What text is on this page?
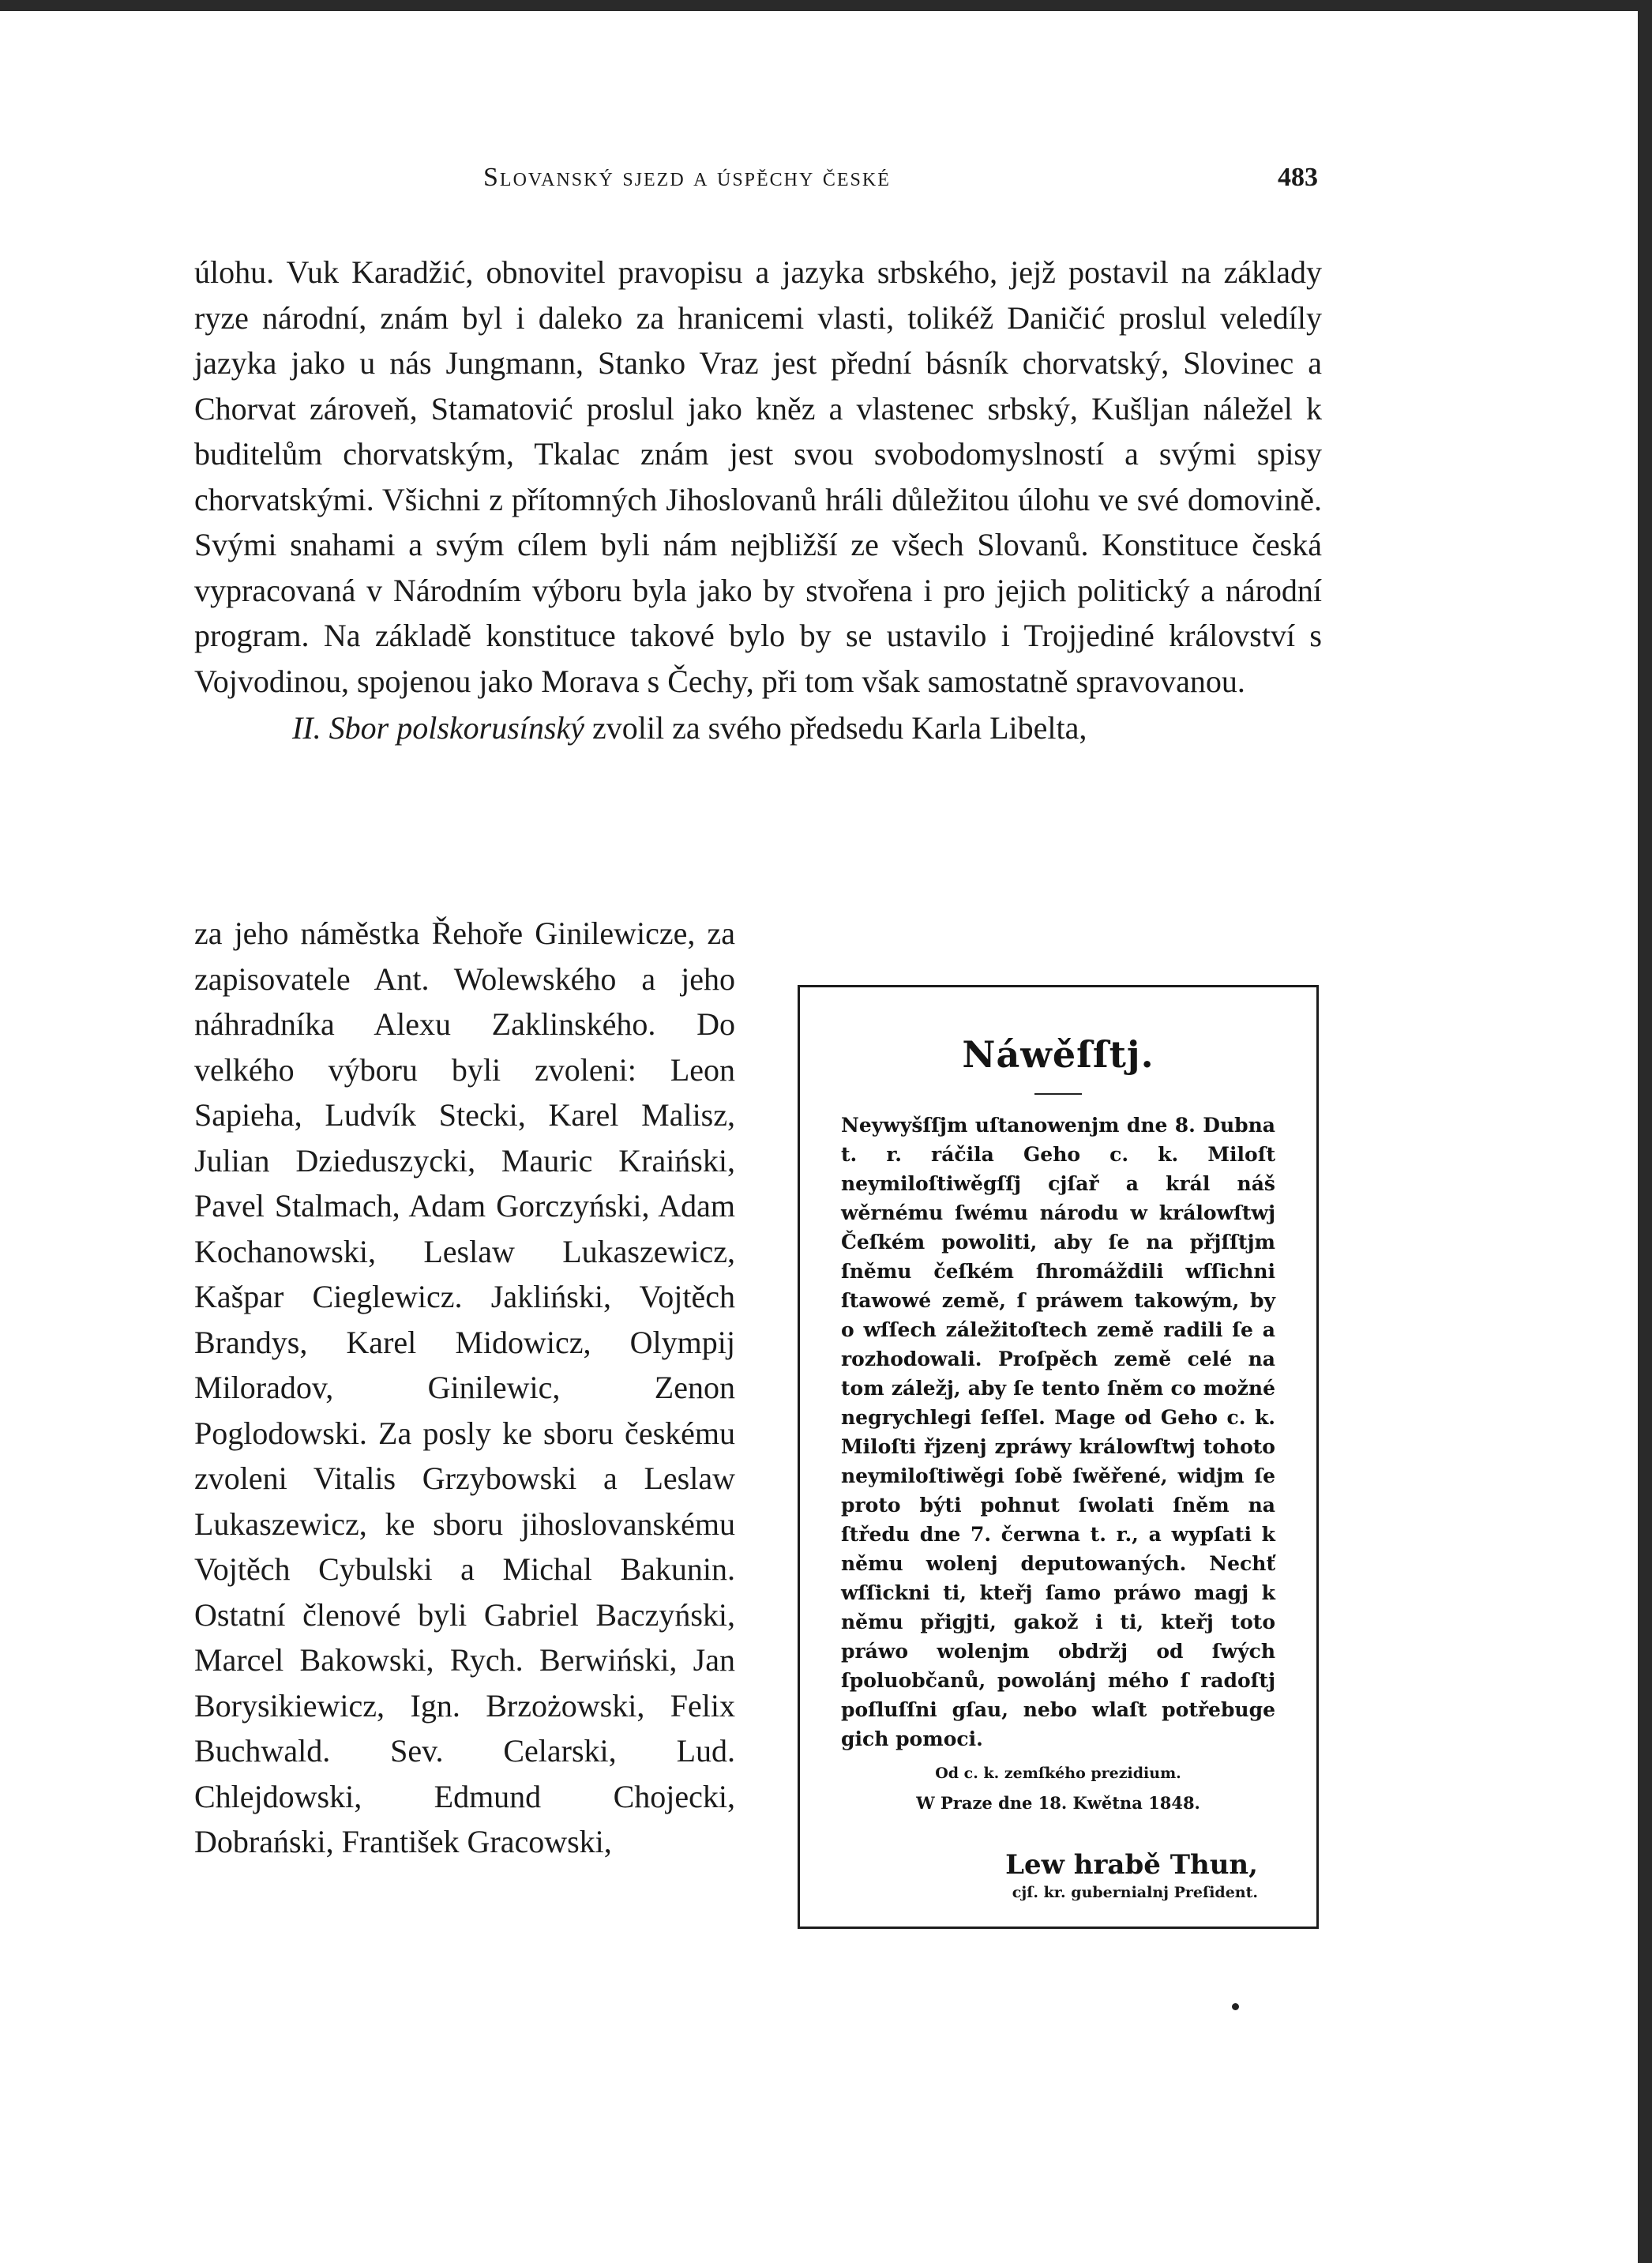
Slovanský sjezd a úspěchy české	483

úlohu. Vuk Karadžić, obnovitel pravopisu a jazyka srbského, jejž postavil na základy ryze národní, znám byl i daleko za hranicemi vlasti, tolikéž Daničić proslul veledíly jazyka jako u nás Jungmann, Stanko Vraz jest přední básník chorvatský, Slovinec a Chorvat zároveň, Stamatović proslul jako kněz a vlastenec srbský, Kušljan náležel k buditelům chorvatským, Tkalac znám jest svou svobodomyslností a svými spisy chorvatskými. Všichni z přítomných Jihoslovanů hráli důležitou úlohu ve své domovině. Svými snahami a svým cílem byli nám nejbližší ze všech Slovanů. Konstituce česká vypracovaná v Národním výboru byla jako by stvořena i pro jejich politický a národní program. Na základě konstituce takové bylo by se ustavilo i Trojjediné království s Vojvodinou, spojenou jako Morava s Čechy, při tom však samostatně spravovanou.

II. Sbor polskorusínský zvolil za svého předsedu Karla Libelta,

za jeho náměstka Řehoře Ginilewicze, za zapisovatele Ant. Wolewského a jeho náhradníka Alexu Zaklinského. Do velkého výboru byli zvoleni: Leon Sapieha, Ludvík Stecki, Karel Malisz, Julian Dzieduszycki, Mauric Kraiński, Pavel Stalmach, Adam Gorczyński, Adam Kochanowski, Leslaw Lukaszewicz, Kašpar Cieglewicz. Jakliński, Vojtěch Brandys, Karel Midowicz, Olympij Miloradov, Ginilewic, Zenon Poglodowski. Za posly ke sboru českému zvoleni Vitalis Grzybowski a Leslaw Lukaszewicz, ke sboru jihoslovanskému Vojtěch Cybulski a Michal Bakunin. Ostatní členové byli Gabriel Baczyński, Marcel Bakowski, Rych. Berwiński, Jan Borysikiewicz, Ign. Brzożowski, Felix Buchwald. Sev. Celarski, Lud. Chlejdowski, Edmund Chojecki, Dobrański, František Gracowski,

Náwěſſtj.

Neywyšſſjm uſtanowenjm dne 8. Dubna t. r. ráčila Geho c. k. Miloſt neymiloſtiwěgſſj cjſař a král náš wěrnému ſwému národu w králowſtwj Čeſkém powoliti, aby ſe na přjſſtjm ſněmu čeſkém ſhromáždili wſſichni ſtawowé země, ſ práwem takowým, by o wſſech záležitoſtech země radili ſe a rozhodowali. Proſpěch země celé na tom záležj, aby ſe tento ſněm co možné negrychlegi ſeſſel. Mage od Geho c. k. Miloſti řjzenj zpráwy králowſtwj tohoto neymiloſtiwěgi ſobě ſwěřené, widjm ſe proto býti pohnut ſwolati ſněm na ſtředu dne 7. čerwna t. r., a wypſati k němu wolenj deputowaných. Nechť wſſickni ti, kteřj ſamo práwo magj k němu přigjti, gakož i ti, kteřj toto práwo wolenjm obdržj od ſwých ſpoluobčanů, powolánj mého ſ radoſtj poſluſſni gſau, nebo wlaſt potřebuge gich pomoci.

Od c. k. zemſkého prezidium.
W Praze dne 18. Kwětna 1848.
Lew hrabě Thun,
cjſ. kr. gubernialnj Preſident.
